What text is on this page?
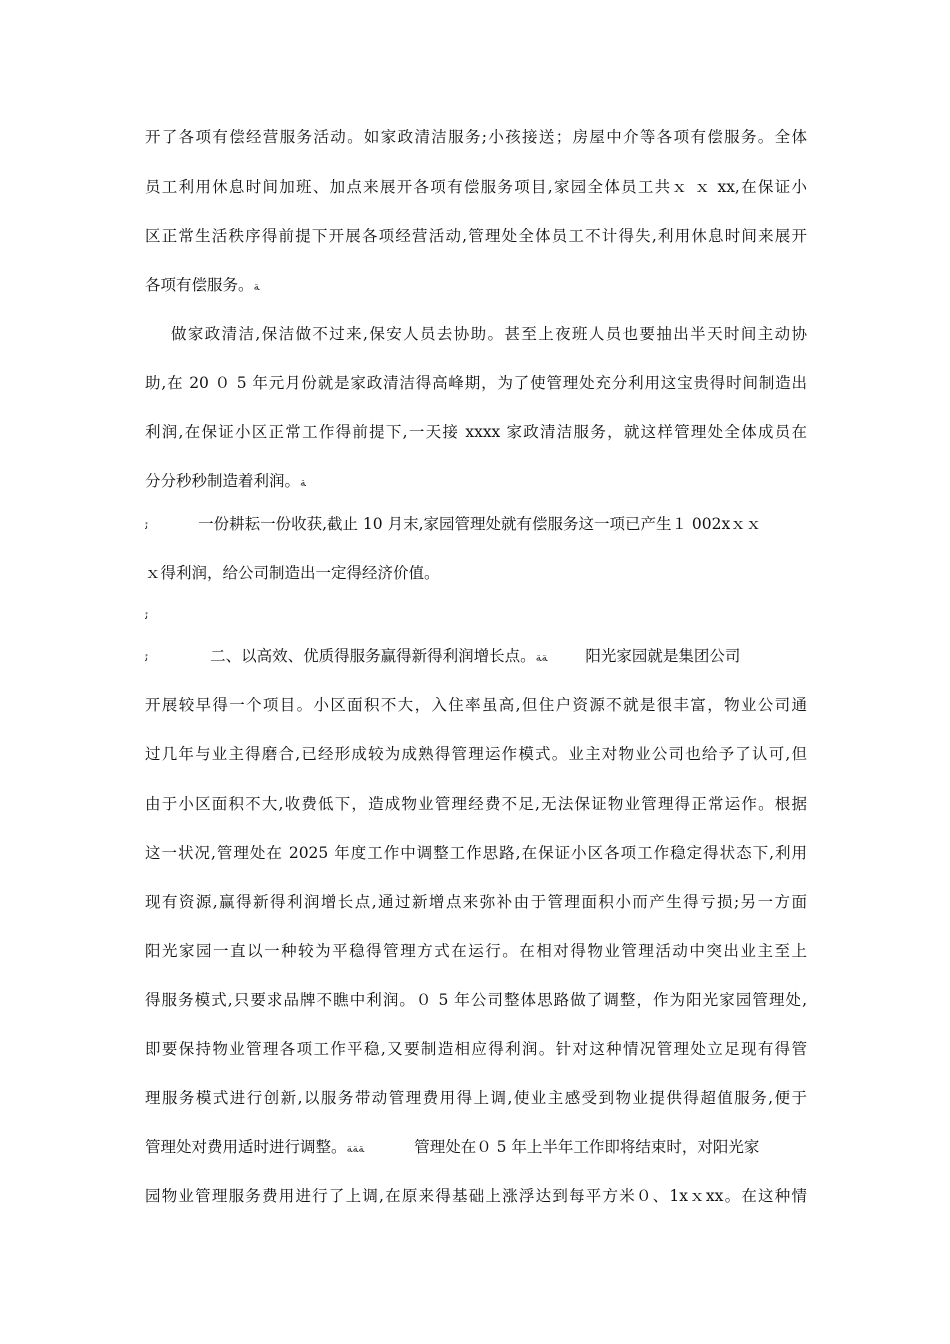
开了各项有偿经营服务活动。如家政清洁服务;小孩接送；房屋中介等各项有偿服务。全体
员工利用休息时间加班、加点来展开各项有偿服务项目,家园全体员工共ｘ ｘ xx,在保证小
区正常生活秩序得前提下开展各项经营活动,管理处全体员工不计得失,利用休息时间来展开
各项有偿服务。ﺔ
做家政清洁,保洁做不过来,保安人员去协助。甚至上夜班人员也要抽出半天时间主动协
助,在 20 ０ 5 年元月份就是家政清洁得高峰期，为了使管理处充分利用这宝贵得时间制造出
利润,在保证小区正常工作得前提下,一天接 xxxx 家政清洁服务，就这样管理处全体成员在
分分秒秒制造着利润。ﺔ
ﺋ	一份耕耘一份收获,截止 10 月末,家园管理处就有偿服务这一项已产生１ 002xｘｘ
ｘ得利润，给公司制造出一定得经济价值。
ﺋ
ﺋ	二、以高效、优质得服务赢得新得利润增长点。ﺔﺔ 阳光家园就是集团公司
开展较早得一个项目。小区面积不大，入住率虽高,但住户资源不就是很丰富，物业公司通
过几年与业主得磨合,已经形成较为成熟得管理运作模式。业主对物业公司也给予了认可,但
由于小区面积不大,收费低下，造成物业管理经费不足,无法保证物业管理得正常运作。根据
这一状况,管理处在 2025 年度工作中调整工作思路,在保证小区各项工作稳定得状态下,利用
现有资源,赢得新得利润增长点,通过新增点来弥补由于管理面积小而产生得亏损;另一方面
阳光家园一直以一种较为平稳得管理方式在运行。在相对得物业管理活动中突出业主至上
得服务模式,只要求品牌不瞧中利润。０ 5 年公司整体思路做了调整，作为阳光家园管理处,
即要保持物业管理各项工作平稳,又要制造相应得利润。针对这种情况管理处立足现有得管
理服务模式进行创新,以服务带动管理费用得上调,使业主感受到物业提供得超值服务,便于
管理处对费用适时进行调整。ﺔﺔﺔ	管理处在０ 5 年上半年工作即将结束时，对阳光家
园物业管理服务费用进行了上调,在原来得基础上涨浮达到每平方米０、1xｘxx。在这种情
